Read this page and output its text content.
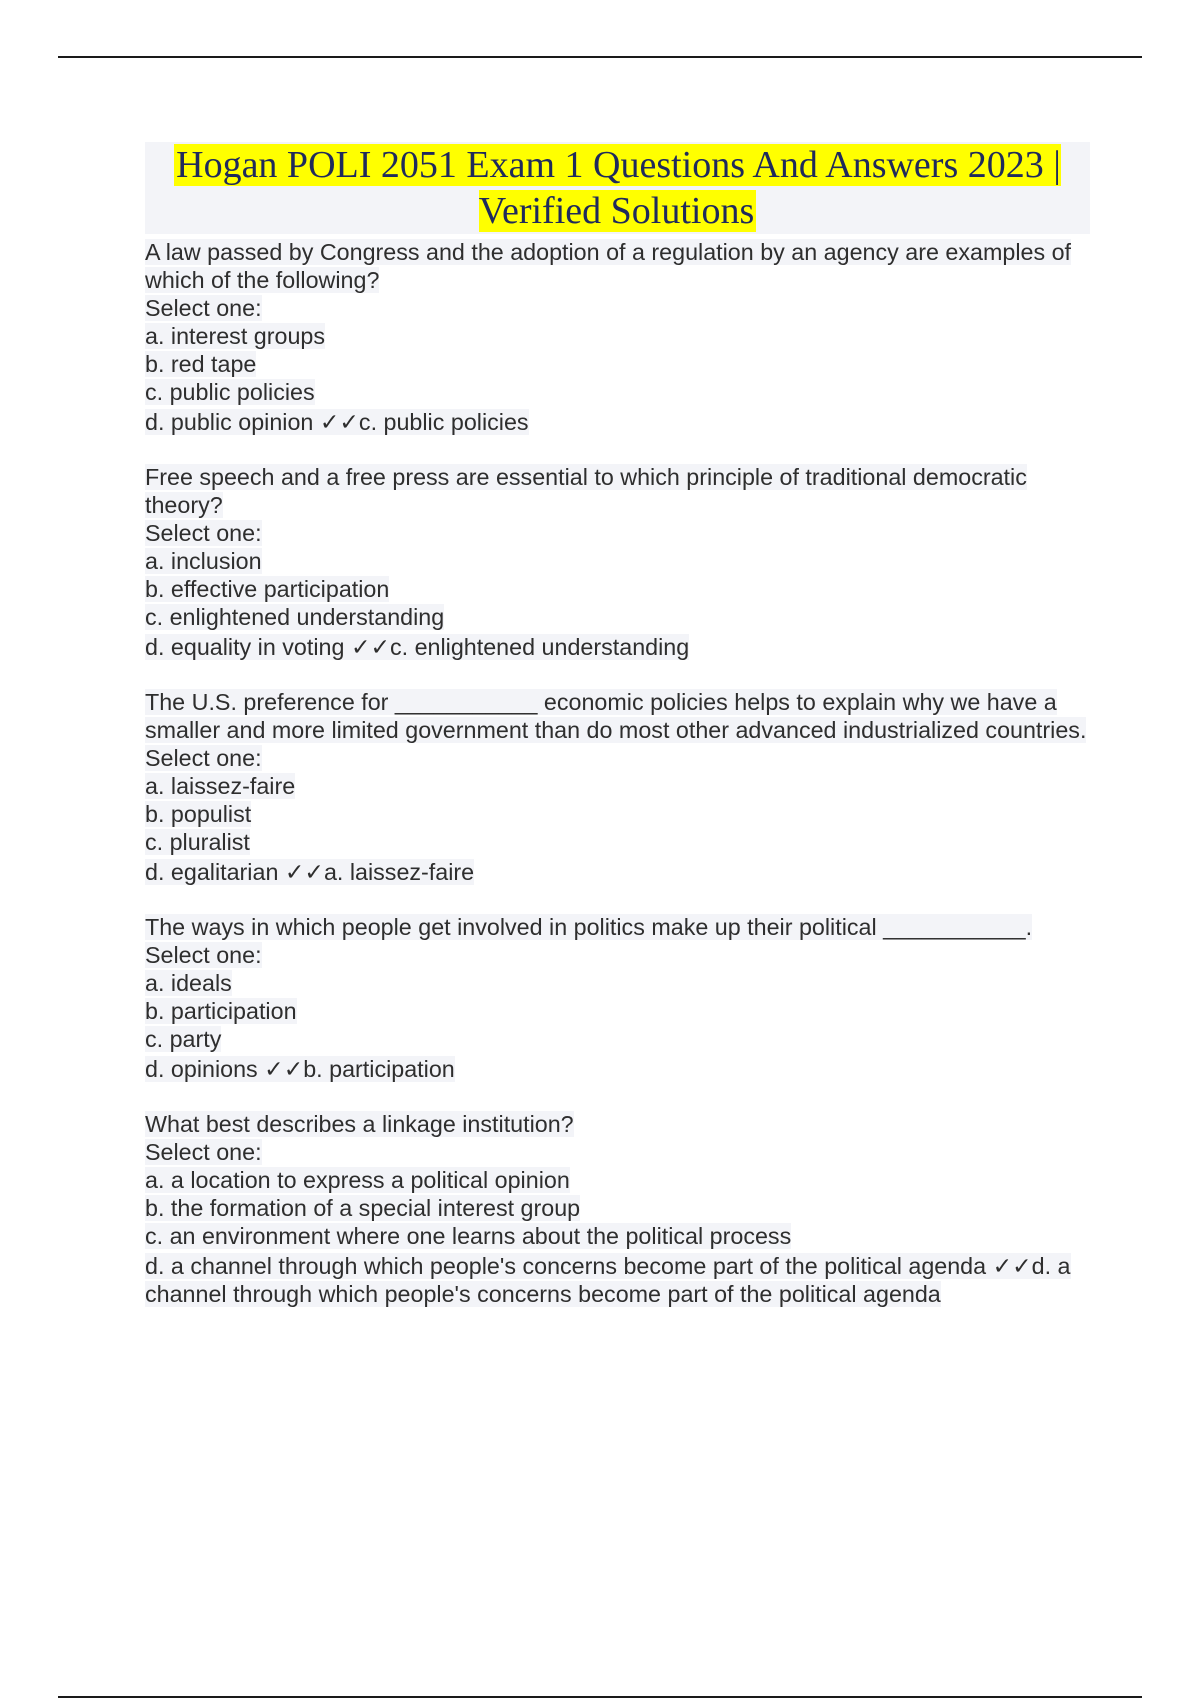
Hogan POLI 2051 Exam 1 Questions And Answers 2023 | Verified Solutions
A law passed by Congress and the adoption of a regulation by an agency are examples of which of the following?
Select one:
a. interest groups
b. red tape
c. public policies
d. public opinion ✓✓c. public policies
Free speech and a free press are essential to which principle of traditional democratic theory?
Select one:
a. inclusion
b. effective participation
c. enlightened understanding
d. equality in voting ✓✓c. enlightened understanding
The U.S. preference for ___________ economic policies helps to explain why we have a smaller and more limited government than do most other advanced industrialized countries.
Select one:
a. laissez-faire
b. populist
c. pluralist
d. egalitarian ✓✓a. laissez-faire
The ways in which people get involved in politics make up their political ___________.
Select one:
a. ideals
b. participation
c. party
d. opinions ✓✓b. participation
What best describes a linkage institution?
Select one:
a. a location to express a political opinion
b. the formation of a special interest group
c. an environment where one learns about the political process
d. a channel through which people's concerns become part of the political agenda ✓✓d. a channel through which people's concerns become part of the political agenda
